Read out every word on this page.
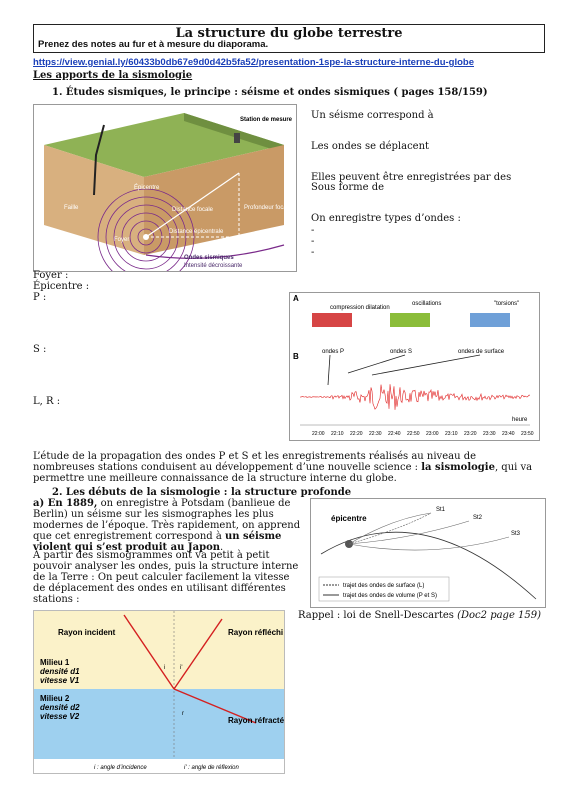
La structure du globe terrestre
Prenez des notes au fur et à mesure du diaporama.
https://view.genial.ly/60433b0db67e9d0d42b5fa52/presentation-1spe-la-structure-interne-du-globe
Les apports de la sismologie
1. Études sismiques, le principe : séisme et ondes sismiques ( pages 158/159)
Station de mesure
Épicentre
Faille	Distance focale	Profondeur focale
Distance épicentrale
Foyer
Ondes sismiques
Intensité décroissante
Un séisme correspond à
Les ondes se déplacent
Elles peuvent être enregistrées par des
Sous forme de
On enregistre types d’ondes :
-
-
-
Foyer :
Épicentre :
P :
S :
L, R :
A
compression dilatation
oscillations	"torsions"
B	ondes P	ondes S	ondes de surface
heure
22:00 22:10 22:20 22:30 22:40 22:50 23:00 23:10 23:20 23:30 23:40 23:50
L’étude de la propagation des ondes P et S et les enregistrements réalisés au niveau de nombreuses stations conduisent au développement d’une nouvelle science : la sismologie, qui va permettre une meilleure connaissance de la structure interne du globe.
2. Les débuts de la sismologie : la structure profonde
a) En 1889, on enregistre à Potsdam (banlieue de Berlin) un séisme sur les sismographes les plus modernes de l’époque. Très rapidement, on apprend que cet enregistrement correspond à un séisme violent qui s’est produit au Japon.
A partir des sismogrammes ont va petit à petit pouvoir analyser les ondes, puis la structure interne de la Terre : On peut calculer facilement la vitesse de déplacement des ondes en utilisant différentes stations :
épicentre
St1
St2
St3
trajet des ondes de surface (L)
trajet des ondes de volume (P et S)
Rappel : loi de Snell-Descartes (Doc2 page 159)
Rayon incident	Rayon réfléchi
Rayon réfracté
Milieu 1
densité d1
vitesse V1
Milieu 2
densité d2
vitesse V2
i i'
r
i : angle d’incidence	i' : angle de réflexion
